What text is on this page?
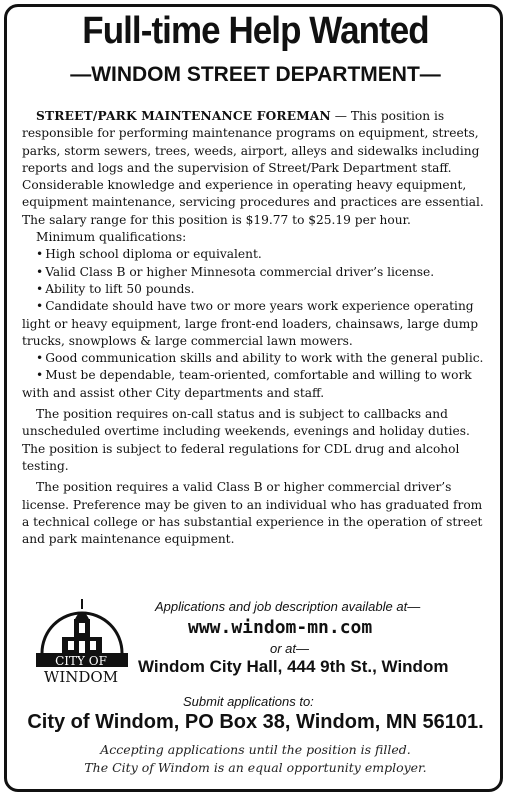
Full-time Help Wanted
—WINDOM STREET DEPARTMENT—

STREET/PARK MAINTENANCE FOREMAN — This position is responsible for performing maintenance programs on equipment, streets, parks, storm sewers, trees, weeds, airport, alleys and sidewalks including reports and logs and the supervision of Street/Park Department staff. Considerable knowledge and experience in operating heavy equipment, equipment maintenance, servicing procedures and practices are essential. The salary range for this position is $19.77 to $25.19 per hour.

Minimum qualifications:

• High school diploma or equivalent.

• Valid Class B or higher Minnesota commercial driver’s license.

• Ability to lift 50 pounds.

• Candidate should have two or more years work experience operating light or heavy equipment, large front-end loaders, chainsaws, large dump trucks, snowplows & large commercial lawn mowers.

• Good communication skills and ability to work with the general public.

• Must be dependable, team-oriented, comfortable and willing to work with and assist other City departments and staff.

The position requires on-call status and is subject to callbacks and unscheduled overtime including weekends, evenings and holiday duties. The position is subject to federal regulations for CDL drug and alcohol testing.

The position requires a valid Class B or higher commercial driver’s license. Preference may be given to an individual who has graduated from a technical college or has substantial experience in the operation of street and park maintenance equipment.

CITY OF
WINDOM
Applications and job description available at—
www.windom-mn.com
or at—
Windom City Hall, 444 9th St., Windom
Submit applications to:
City of Windom, PO Box 38, Windom, MN 56101.
Accepting applications until the position is filled.
The City of Windom is an equal opportunity employer.
